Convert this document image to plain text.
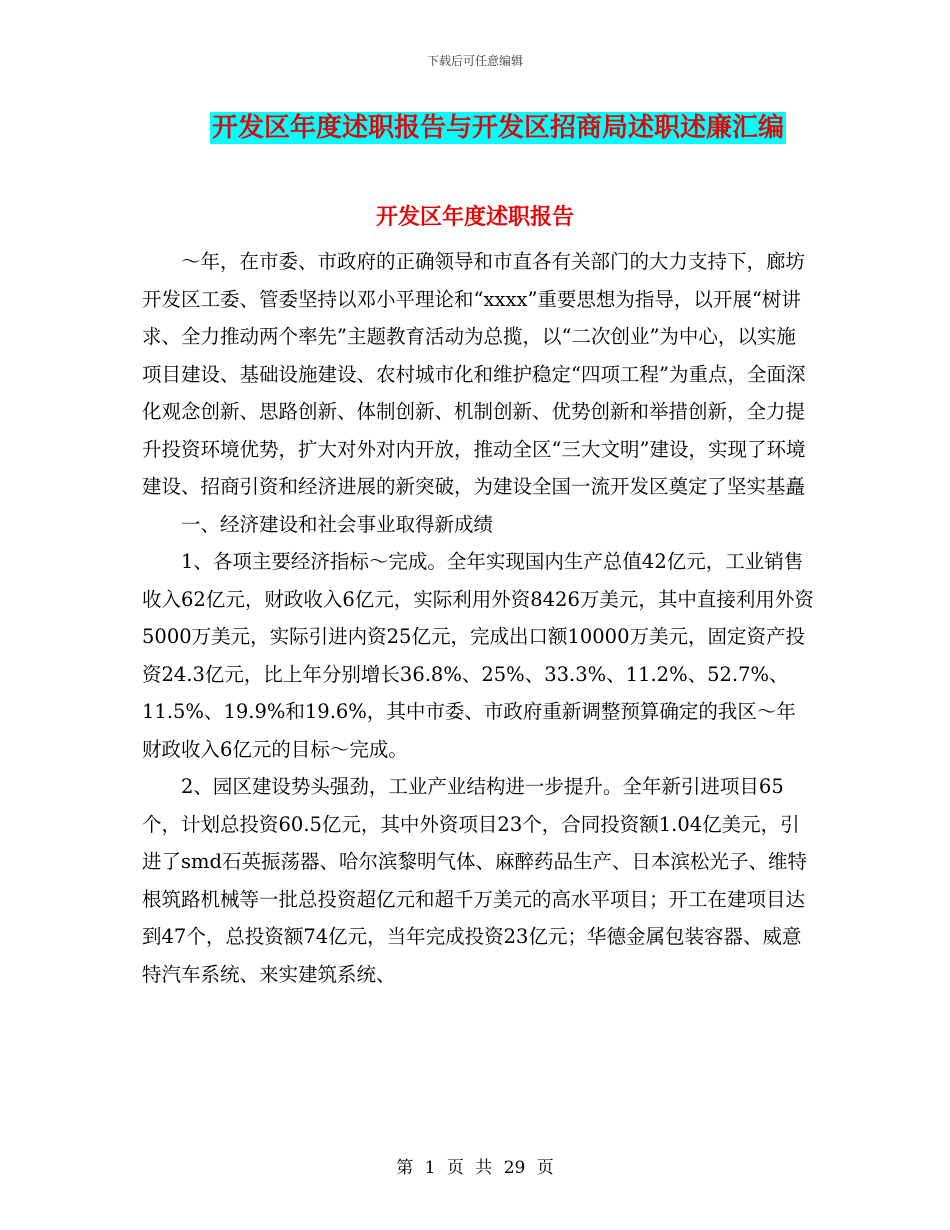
下载后可任意编辑
开发区年度述职报告与开发区招商局述职述廉汇编
开发区年度述职报告

～年，在市委、市政府的正确领导和市直各有关部门的大力支持下，廊坊开发区工委、管委坚持以邓小平理论和“xxxx”重要思想为指导，以开展“树讲求、全力推动两个率先”主题教育活动为总揽，以“二次创业”为中心，以实施项目建设、基础设施建设、农村城市化和维护稳定“四项工程”为重点，全面深化观念创新、思路创新、体制创新、机制创新、优势创新和举措创新，全力提升投资环境优势，扩大对外对内开放，推动全区“三大文明”建设，实现了环境建设、招商引资和经济进展的新突破，为建设全国一流开发区奠定了坚实基矗

一、经济建设和社会事业取得新成绩

1、各项主要经济指标～完成。全年实现国内生产总值42亿元，工业销售收入62亿元，财政收入6亿元，实际利用外资8426万美元，其中直接利用外资5000万美元，实际引进内资25亿元，完成出口额10000万美元，固定资产投资24.3亿元，比上年分别增长36.8%、25%、33.3%、11.2%、52.7%、11.5%、19.9%和19.6%，其中市委、市政府重新调整预算确定的我区～年财政收入6亿元的目标～完成。

2、园区建设势头强劲，工业产业结构进一步提升。全年新引进项目65个，计划总投资60.5亿元，其中外资项目23个，合同投资额1.04亿美元，引进了smd石英振荡器、哈尔滨黎明气体、麻醉药品生产、日本滨松光子、维特根筑路机械等一批总投资超亿元和超千万美元的高水平项目；开工在建项目达到47个，总投资额74亿元，当年完成投资23亿元；华德金属包装容器、威意特汽车系统、来实建筑系统、

第 1 页 共 29 页
